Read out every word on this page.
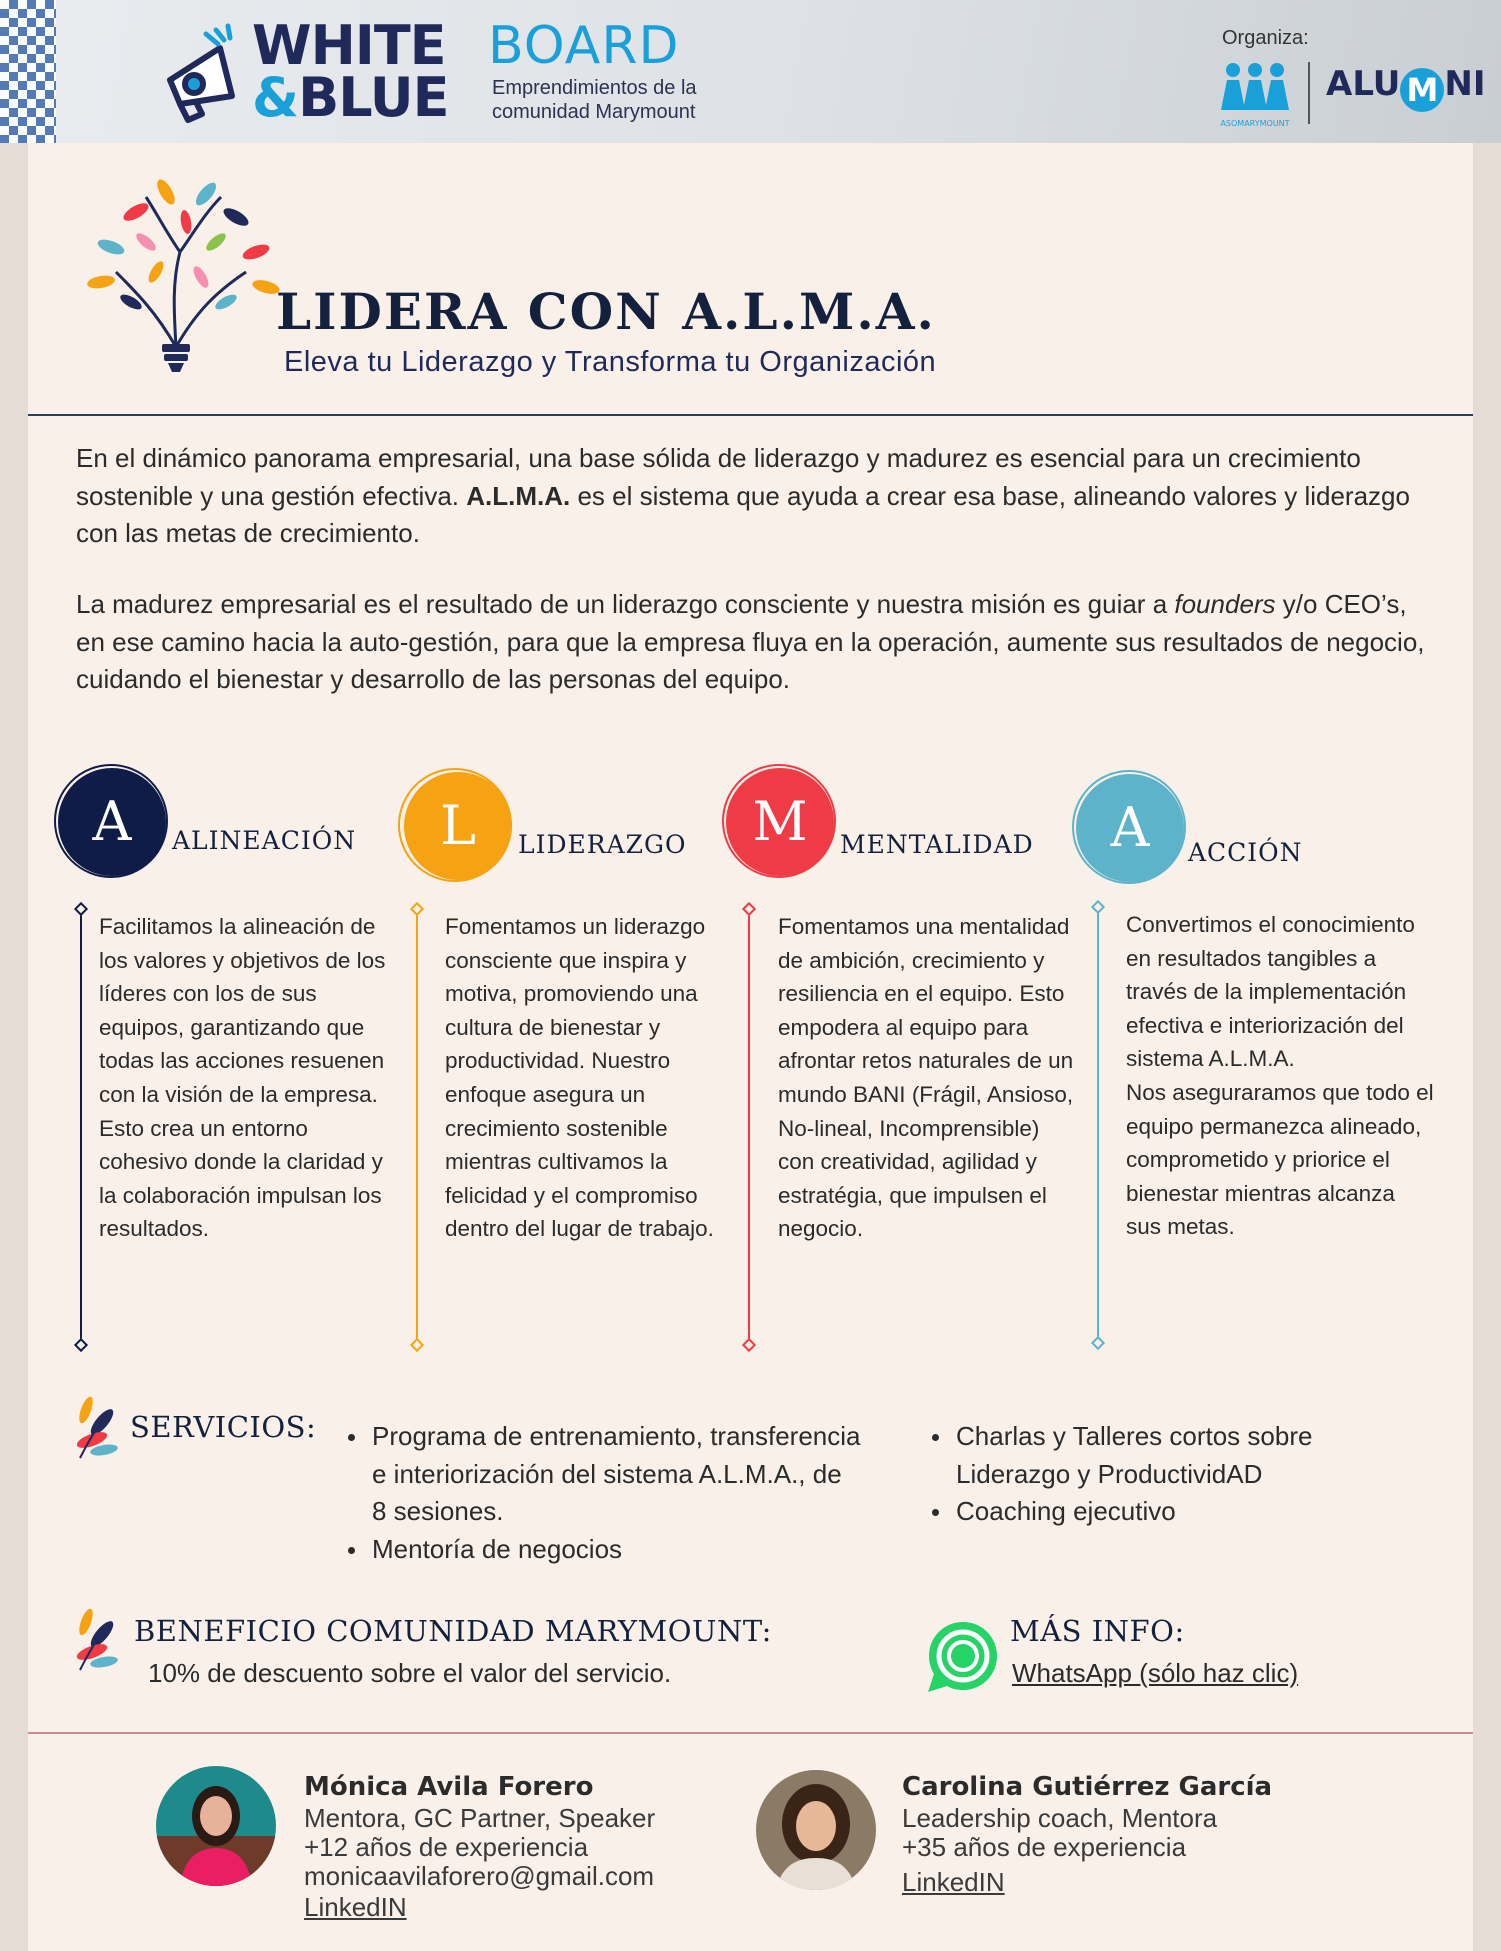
WHITE
&BLUE
BOARD
Emprendimientos de la
comunidad Marymount
Organiza:
ASOMARYMOUNT
ALU M NI
LIDERA CON A.L.M.A.
Eleva tu Liderazgo y Transforma tu Organización

En el dinámico panorama empresarial, una base sólida de liderazgo y madurez es esencial para un crecimiento sostenible y una gestión efectiva. A.L.M.A. es el sistema que ayuda a crear esa base, alineando valores y liderazgo con las metas de crecimiento.

La madurez empresarial es el resultado de un liderazgo consciente y nuestra misión es guiar a founders y/o CEO’s, en ese camino hacia la auto-gestión, para que la empresa fluya en la operación, aumente sus resultados de negocio, cuidando el bienestar y desarrollo de las personas del equipo.

A	ALINEACIÓN
Facilitamos la alineación de los valores y objetivos de los líderes con los de sus equipos, garantizando que todas las acciones resuenen con la visión de la empresa. Esto crea un entorno cohesivo donde la claridad y la colaboración impulsan los resultados.
L	LIDERAZGO
Fomentamos un liderazgo consciente que inspira y motiva, promoviendo una cultura de bienestar y productividad. Nuestro enfoque asegura un crecimiento sostenible mientras cultivamos la felicidad y el compromiso dentro del lugar de trabajo.
M	MENTALIDAD
Fomentamos una mentalidad de ambición, crecimiento y resiliencia en el equipo. Esto empodera al equipo para afrontar retos naturales de un mundo BANI (Frágil, Ansioso, No-lineal, Incomprensible) con creatividad, agilidad y estratégia, que impulsen el negocio.
A	ACCIÓN
Convertimos el conocimiento en resultados tangibles a través de la implementación efectiva e interiorización del sistema A.L.M.A.
Nos aseguraramos que todo el equipo permanezca alineado, comprometido y priorice el bienestar mientras alcanza sus metas.
SERVICIOS:	Programa de entrenamiento, transferencia e interiorización del sistema A.L.M.A., de 8 sesiones.
Mentoría de negocios
Charlas y Talleres cortos sobre Liderazgo y ProductividAD
Coaching ejecutivo
BENEFICIO COMUNIDAD MARYMOUNT:
10% de descuento sobre el valor del servicio.
MÁS INFO:
WhatsApp (sólo haz clic)
Mónica Avila Forero
Mentora, GC Partner, Speaker
+12 años de experiencia
monicaavilaforero@gmail.com
LinkedIN
Carolina Gutiérrez García
Leadership coach, Mentora
+35 años de experiencia
LinkedIN
